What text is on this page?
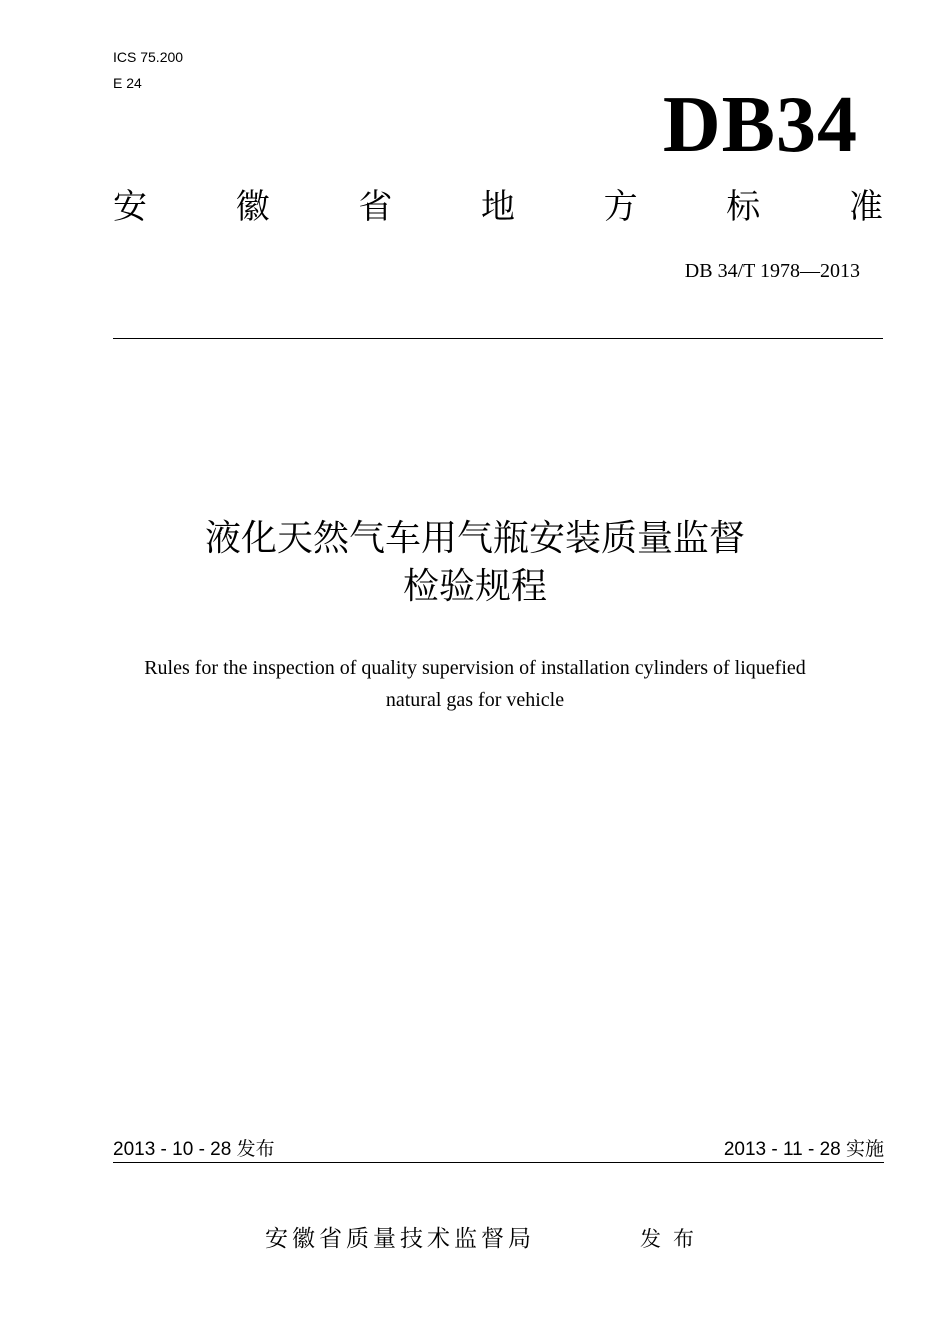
ICS 75.200
E 24	DB34
安	徽	省	地	方	标	准
DB 34/T 1978—2013
液化天然气车用气瓶安装质量监督
检验规程
Rules for the inspection of quality supervision of installation cylinders of liquefied
natural gas for vehicle
2013 - 10 - 28 发布	2013 - 11 - 28 实施
安徽省质量技术监督局	发布
